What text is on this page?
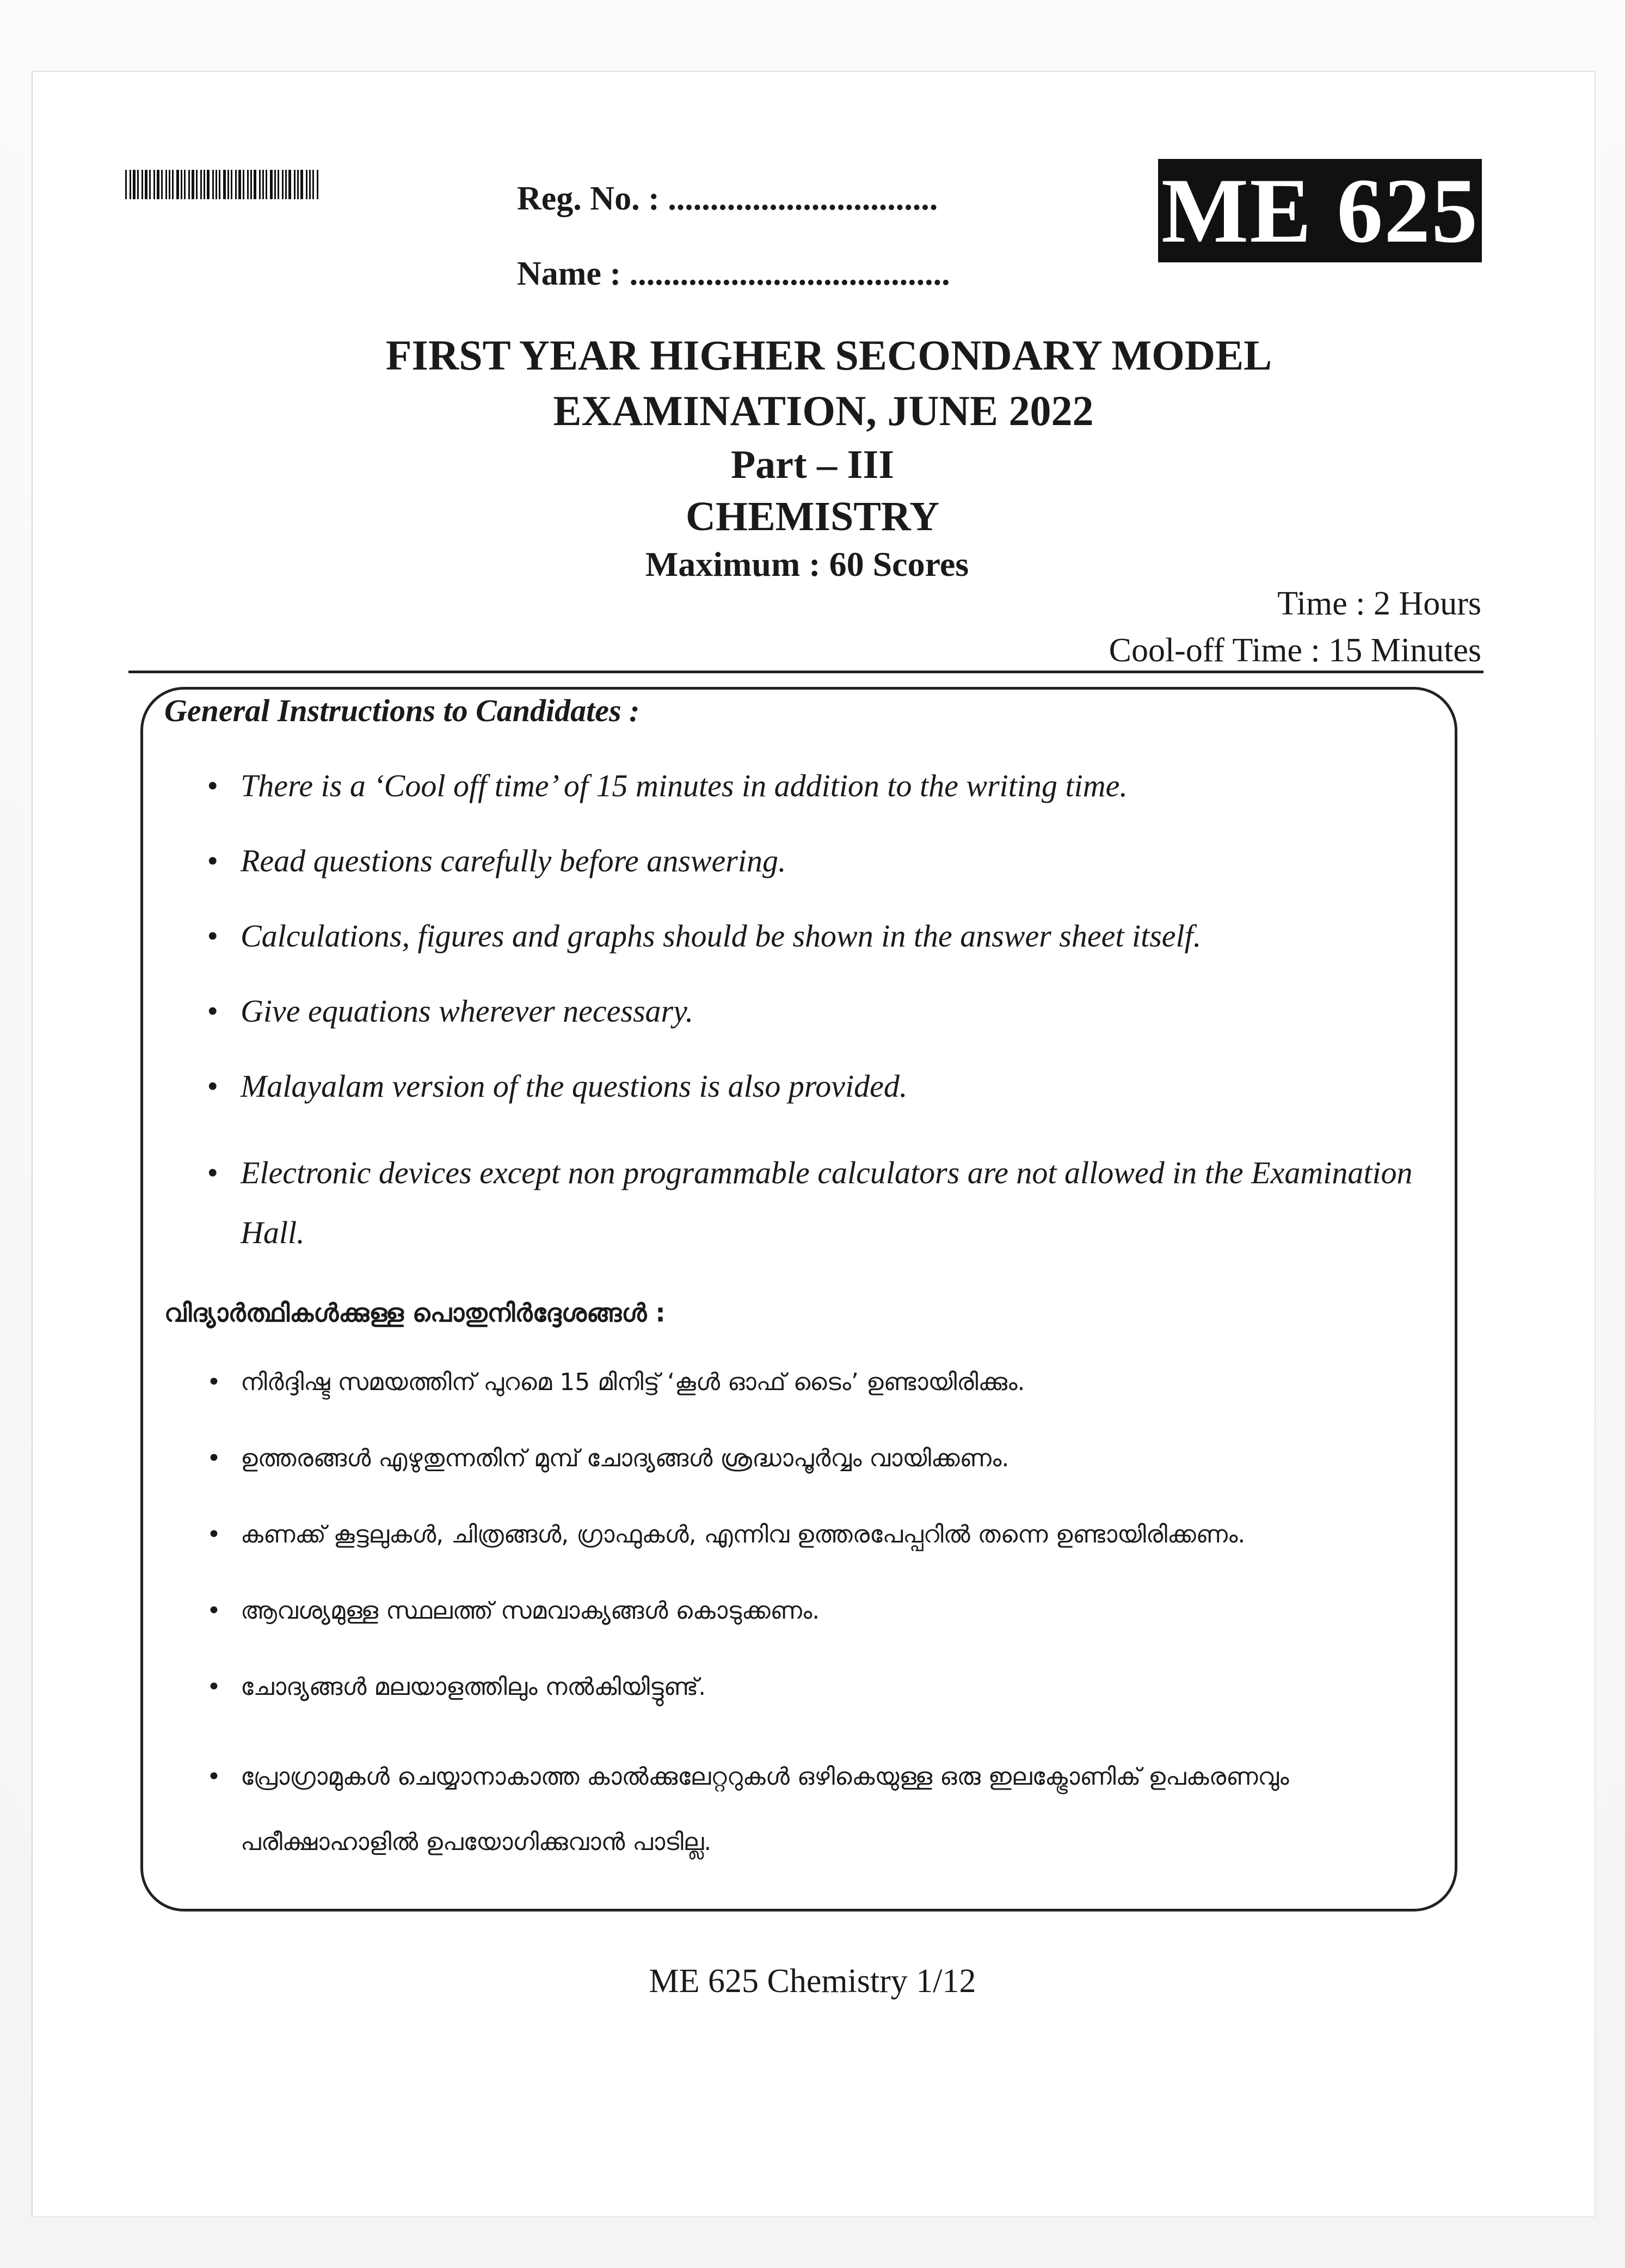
Reg. No. : ................................
Name : ......................................
ME 625
FIRST YEAR HIGHER SECONDARY MODEL
EXAMINATION, JUNE 2022
Part – III
CHEMISTRY
Maximum : 60 Scores
Time : 2 Hours
Cool-off Time : 15 Minutes
General Instructions to Candidates :
• There is a ‘Cool off time’ of 15 minutes in addition to the writing time.
• Read questions carefully before answering.
• Calculations, figures and graphs should be shown in the answer sheet itself.
• Give equations wherever necessary.
• Malayalam version of the questions is also provided.
• Electronic devices except non programmable calculators are not allowed in the Examination Hall.
വിദ്യാർത്ഥികൾക്കുള്ള പൊതുനിർദ്ദേശങ്ങൾ :
• നിർദ്ദിഷ്ട സമയത്തിന് പുറമെ 15 മിനിട്ട് ‘കൂൾ ഓഫ് ടൈം’ ഉണ്ടായിരിക്കും.
• ഉത്തരങ്ങൾ എഴുതുന്നതിന് മുമ്പ് ചോദ്യങ്ങൾ ശ്രദ്ധാപൂർവ്വം വായിക്കണം.
• കണക്ക് കൂട്ടലുകൾ, ചിത്രങ്ങൾ, ഗ്രാഫുകൾ, എന്നിവ ഉത്തരപേപ്പറിൽ തന്നെ ഉണ്ടായിരിക്കണം.
• ആവശ്യമുള്ള സ്ഥലത്ത് സമവാക്യങ്ങൾ കൊടുക്കണം.
• ചോദ്യങ്ങൾ മലയാളത്തിലും നൽകിയിട്ടുണ്ട്.
• പ്രോഗ്രാമുകൾ ചെയ്യാനാകാത്ത കാൽക്കുലേറ്ററുകൾ ഒഴികെയുള്ള ഒരു ഇലക്ട്രോണിക് ഉപകരണവും പരീക്ഷാഹാളിൽ ഉപയോഗിക്കുവാൻ പാടില്ല.
ME 625 Chemistry 1/12
